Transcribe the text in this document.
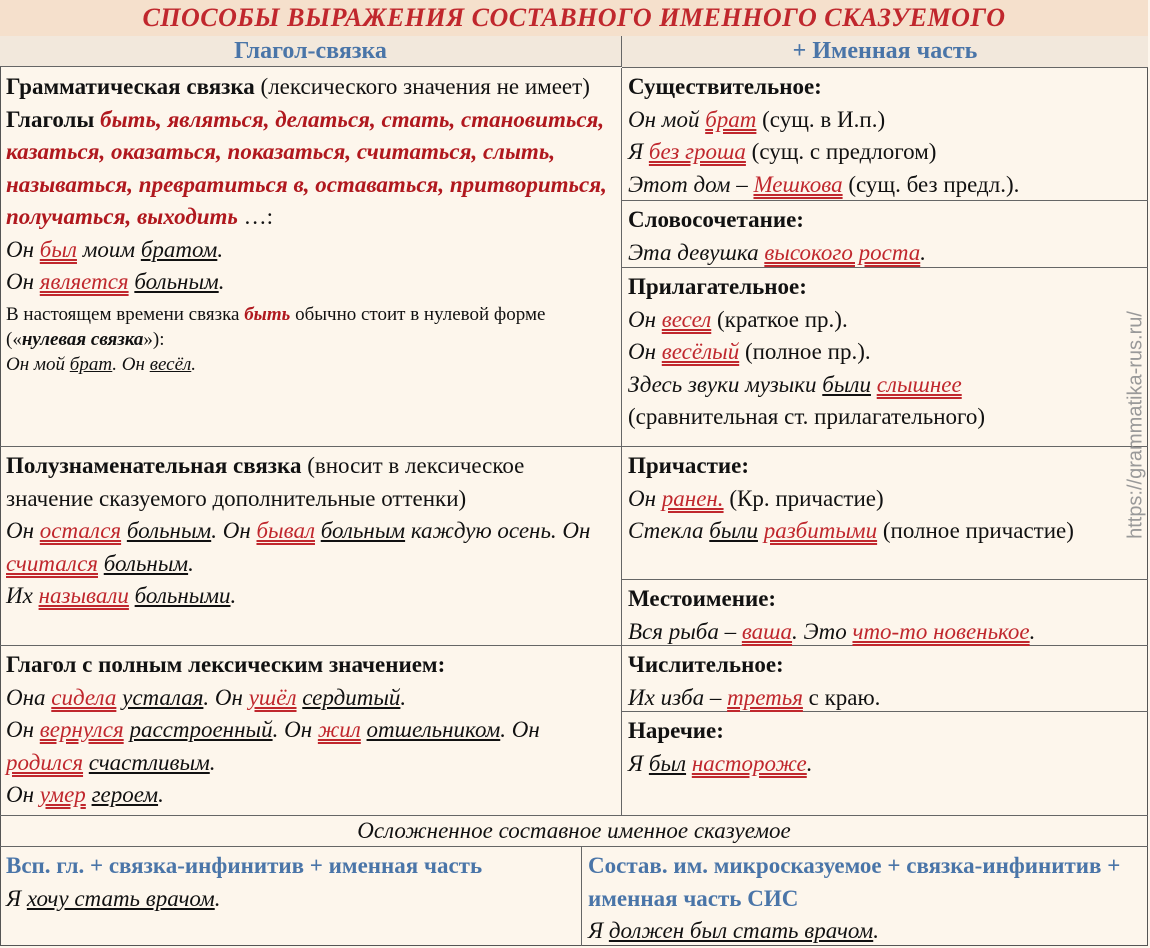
СПОСОБЫ ВЫРАЖЕНИЯ СОСТАВНОГО ИМЕННОГО СКАЗУЕМОГО
Глагол-связка	+ Именная часть

Грамматическая связка (лексического значения не имеет)

Глаголы быть, являться, делаться, стать, становиться, казаться, оказаться, показаться, считаться, слыть, называться, превратиться в, оставаться, притвориться, получаться, выходить …:

Он был моим братом.

Он является больным.

В настоящем времени связка быть обычно стоит в нулевой форме («нулевая связка»):

Он мой брат. Он весёл.

Полузнаменательная связка (вносит в лексическое значение сказуемого дополнительные оттенки)

Он остался больным. Он бывал больным каждую осень. Он считался больным.

Их называли больными.

Глагол с полным лексическим значением:

Она сидела усталая. Он ушёл сердитый.

Он вернулся расстроенный. Он жил отшельником. Он родился счастливым.

Он умер героем.

Существительное:

Он мой брат (сущ. в И.п.)

Я без гроша (сущ. с предлогом)

Этот дом – Мешкова (сущ. без предл.).

Словосочетание:

Эта девушка высокого роста.

Прилагательное:

Он весел (краткое пр.).

Он весёлый (полное пр.).

Здесь звуки музыки были слышнее

(сравнительная ст. прилагательного)

Причастие:

Он ранен. (Кр. причастие)

Стекла были разбитыми (полное причастие)

Местоимение:

Вся рыба – ваша. Это что-то новенькое.

Числительное:

Их изба – третья с краю.

Наречие:

Я был настороже.

https://grammatika-rus.ru/
Осложненное составное именное сказуемое

Всп. гл. + связка-инфинитив + именная часть

Я хочу стать врачом.

Состав. им. микросказуемое + связка-инфинитив + именная часть СИС

Я должен был стать врачом.
